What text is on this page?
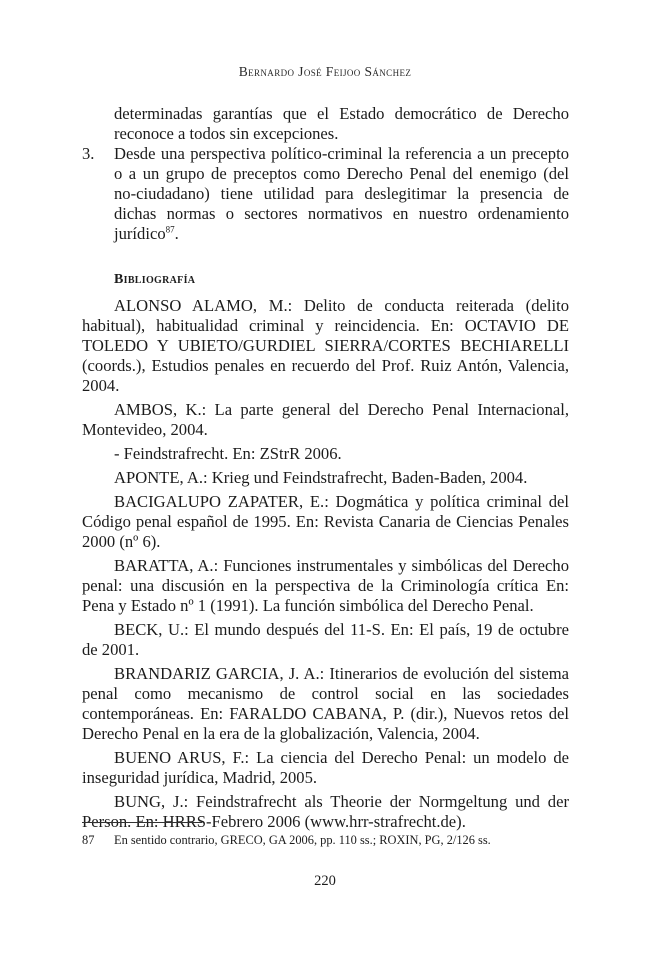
Bernardo José Feijoo Sánchez

determinadas garantías que el Estado democrático de Derecho reconoce a todos sin excepciones.

3.	Desde una perspectiva político-criminal la referencia a un precepto o a un grupo de preceptos como Derecho Penal del enemigo (del no-ciudadano) tiene utilidad para deslegitimar la presencia de dichas normas o sectores normativos en nuestro ordenamiento jurídico$^{87}$.
Bibliografía

ALONSO ALAMO, M.: Delito de conducta reiterada (delito habitual), habitualidad criminal y reincidencia. En: OCTAVIO DE TOLEDO Y UBIETO/GURDIEL SIERRA/CORTES BECHIARELLI (coords.), Estudios penales en recuerdo del Prof. Ruiz Antón, Valencia, 2004.

AMBOS, K.: La parte general del Derecho Penal Internacional, Montevideo, 2004.

- Feindstrafrecht. En: ZStrR 2006.

APONTE, A.: Krieg und Feindstrafrecht, Baden-Baden, 2004.

BACIGALUPO ZAPATER, E.: Dogmática y política criminal del Código penal español de 1995. En: Revista Canaria de Ciencias Penales 2000 (nº 6).

BARATTA, A.: Funciones instrumentales y simbólicas del Derecho penal: una discusión en la perspectiva de la Criminología crítica En: Pena y Estado nº 1 (1991). La función simbólica del Derecho Penal.

BECK, U.: El mundo después del 11-S. En: El país, 19 de octubre de 2001.

BRANDARIZ GARCIA, J. A.: Itinerarios de evolución del sistema penal como mecanismo de control social en las sociedades contemporáneas. En: FARALDO CABANA, P. (dir.), Nuevos retos del Derecho Penal en la era de la globalización, Valencia, 2004.

BUENO ARUS, F.: La ciencia del Derecho Penal: un modelo de inseguridad jurídica, Madrid, 2005.

BUNG, J.: Feindstrafrecht als Theorie der Normgeltung und der Person. En: HRRS-Febrero 2006 (www.hrr-strafrecht.de).

87	En sentido contrario, GRECO, GA 2006, pp. 110 ss.; ROXIN, PG, 2/126 ss.
220
